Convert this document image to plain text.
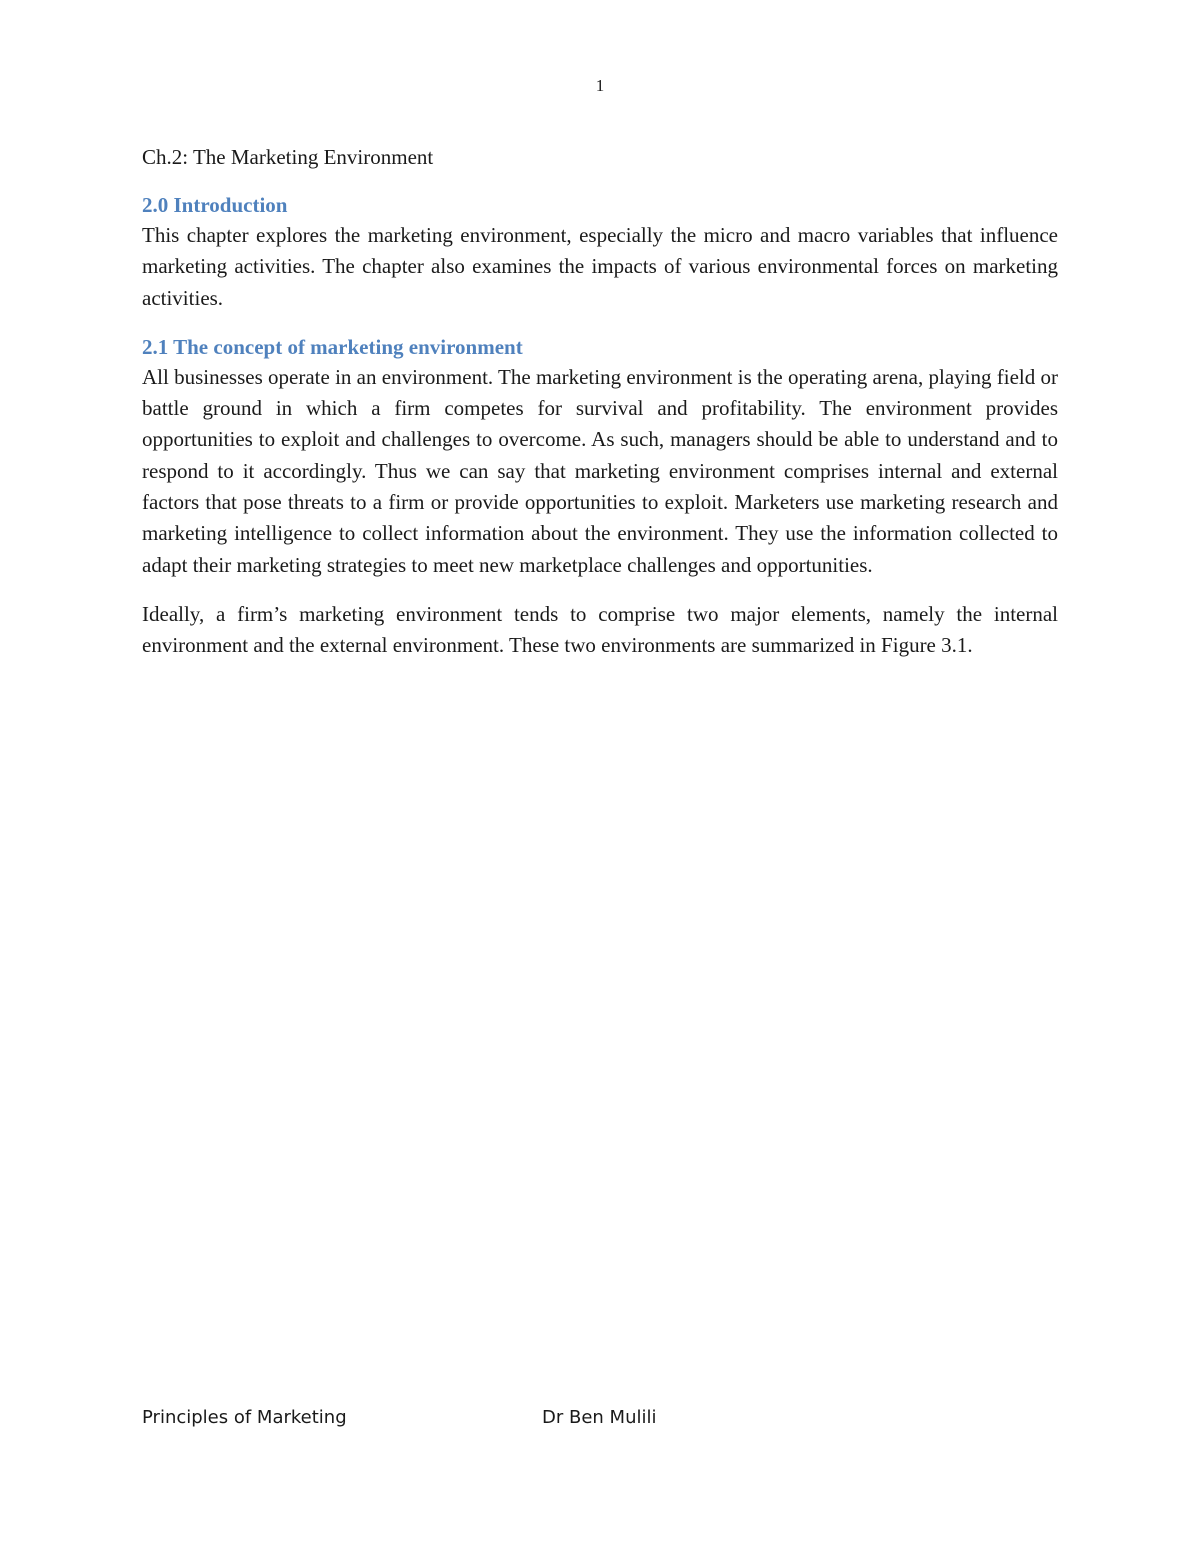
1

Ch.2: The Marketing Environment

2.0 Introduction

This chapter explores the marketing environment, especially the micro and macro variables that influence marketing activities. The chapter also examines the impacts of various environmental forces on marketing activities.

2.1 The concept of marketing environment

All businesses operate in an environment. The marketing environment is the operating arena, playing field or battle ground in which a firm competes for survival and profitability. The environment provides opportunities to exploit and challenges to overcome. As such, managers should be able to understand and to respond to it accordingly. Thus we can say that marketing environment comprises internal and external factors that pose threats to a firm or provide opportunities to exploit. Marketers use marketing research and marketing intelligence to collect information about the environment. They use the information collected to adapt their marketing strategies to meet new marketplace challenges and opportunities.

Ideally, a firm’s marketing environment tends to comprise two major elements, namely the internal environment and the external environment. These two environments are summarized in Figure 3.1.

Principles of Marketing	Dr Ben Mulili
